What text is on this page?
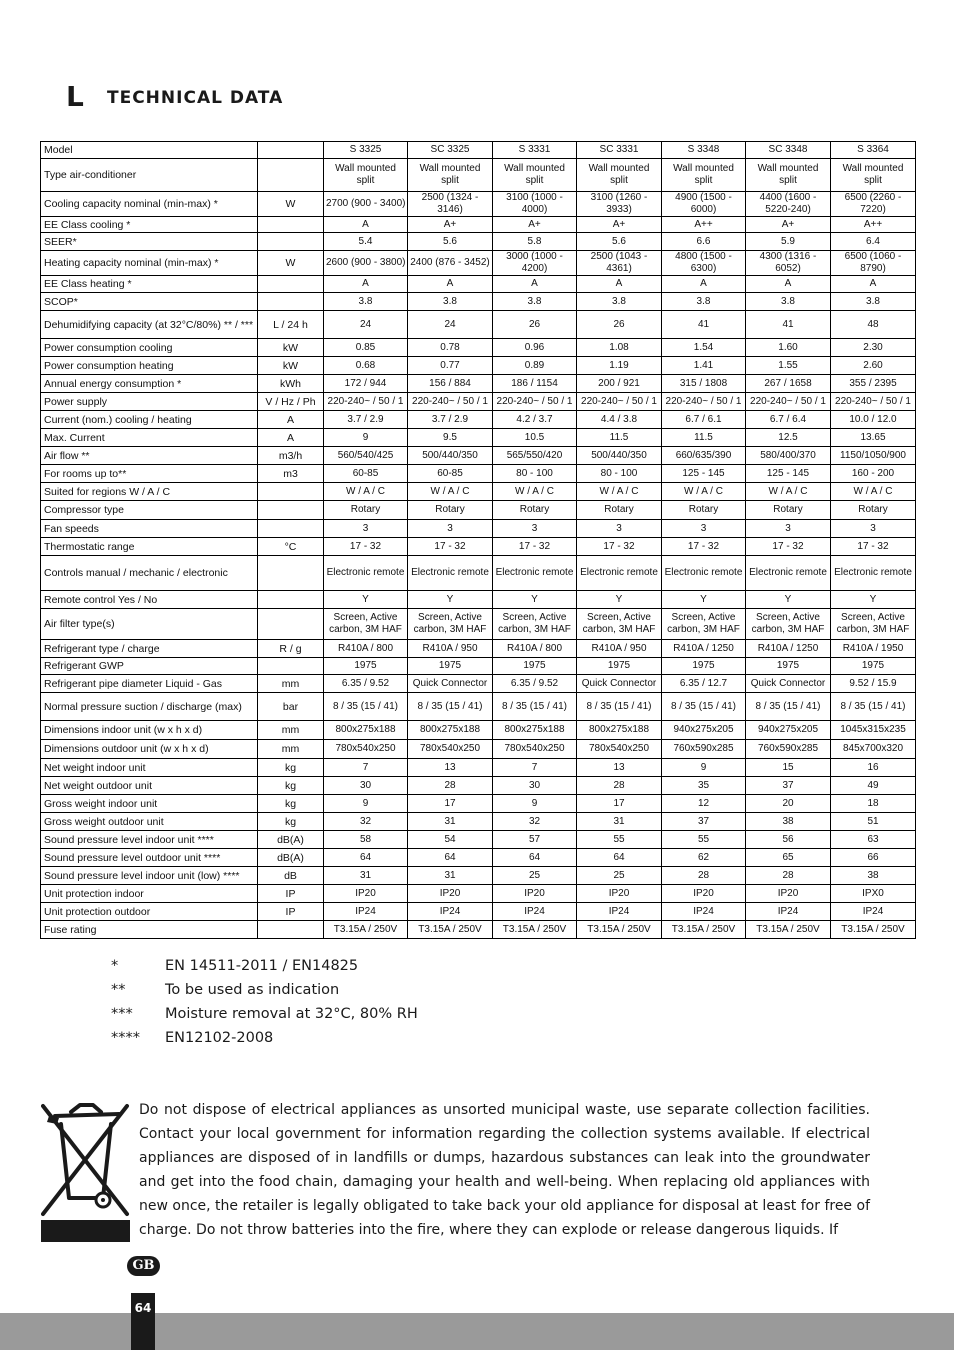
L TECHNICAL DATA
Model		S 3325	SC 3325	S 3331	SC 3331	S 3348	SC 3348	S 3364
Type air-conditioner		Wall mounted split	Wall mounted split	Wall mounted split	Wall mounted split	Wall mounted split	Wall mounted split	Wall mounted split
Cooling capacity nominal (min-max) *	W	2700 (900 - 3400)	2500 (1324 - 3146)	3100 (1000 - 4000)	3100 (1260 - 3933)	4900 (1500 - 6000)	4400 (1600 - 5220-240)	6500 (2260 - 7220)
EE Class cooling *		A	A+	A+	A+	A++	A+	A++
SEER*		5.4	5.6	5.8	5.6	6.6	5.9	6.4
Heating capacity nominal (min-max) *	W	2600 (900 - 3800)	2400 (876 - 3452)	3000 (1000 - 4200)	2500 (1043 - 4361)	4800 (1500 - 6300)	4300 (1316 - 6052)	6500 (1060 - 8790)
EE Class heating *		A	A	A	A	A	A	A
SCOP*		3.8	3.8	3.8	3.8	3.8	3.8	3.8
Dehumidifying capacity (at 32°C/80%) ** / ***	L / 24 h	24	24	26	26	41	41	48
Power consumption cooling	kW	0.85	0.78	0.96	1.08	1.54	1.60	2.30
Power consumption heating	kW	0.68	0.77	0.89	1.19	1.41	1.55	2.60
Annual energy consumption *	kWh	172 / 944	156 / 884	186 / 1154	200 / 921	315 / 1808	267 / 1658	355 / 2395
Power supply	V / Hz / Ph	220-240~ / 50 / 1	220-240~ / 50 / 1	220-240~ / 50 / 1	220-240~ / 50 / 1	220-240~ / 50 / 1	220-240~ / 50 / 1	220-240~ / 50 / 1
Current (nom.) cooling / heating	A	3.7 / 2.9	3.7 / 2.9	4.2 / 3.7	4.4 / 3.8	6.7 / 6.1	6.7 / 6.4	10.0 / 12.0
Max. Current	A	9	9.5	10.5	11.5	11.5	12.5	13.65
Air flow **	m3/h	560/540/425	500/440/350	565/550/420	500/440/350	660/635/390	580/400/370	1150/1050/900
For rooms up to**	m3	60-85	60-85	80 - 100	80 - 100	125 - 145	125 - 145	160 - 200
Suited for regions W / A / C		W / A / C	W / A / C	W / A / C	W / A / C	W / A / C	W / A / C	W / A / C
Compressor type		Rotary	Rotary	Rotary	Rotary	Rotary	Rotary	Rotary
Fan speeds		3	3	3	3	3	3	3
Thermostatic range	°C	17 - 32	17 - 32	17 - 32	17 - 32	17 - 32	17 - 32	17 - 32
Controls manual / mechanic / electronic		Electronic remote	Electronic remote	Electronic remote	Electronic remote	Electronic remote	Electronic remote	Electronic remote
Remote control Yes / No		Y	Y	Y	Y	Y	Y	Y
Air filter type(s)		Screen, Active carbon, 3M HAF	Screen, Active carbon, 3M HAF	Screen, Active carbon, 3M HAF	Screen, Active carbon, 3M HAF	Screen, Active carbon, 3M HAF	Screen, Active carbon, 3M HAF	Screen, Active carbon, 3M HAF
Refrigerant type / charge	R / g	R410A / 800	R410A / 950	R410A / 800	R410A / 950	R410A / 1250	R410A / 1250	R410A / 1950
Refrigerant GWP		1975	1975	1975	1975	1975	1975	1975
Refrigerant pipe diameter Liquid - Gas	mm	6.35 / 9.52	Quick Connector	6.35 / 9.52	Quick Connector	6.35 / 12.7	Quick Connector	9.52 / 15.9
Normal pressure suction / discharge (max)	bar	8 / 35 (15 / 41)	8 / 35 (15 / 41)	8 / 35 (15 / 41)	8 / 35 (15 / 41)	8 / 35 (15 / 41)	8 / 35 (15 / 41)	8 / 35 (15 / 41)
Dimensions indoor unit (w x h x d)	mm	800x275x188	800x275x188	800x275x188	800x275x188	940x275x205	940x275x205	1045x315x235
Dimensions outdoor unit (w x h x d)	mm	780x540x250	780x540x250	780x540x250	780x540x250	760x590x285	760x590x285	845x700x320
Net weight indoor unit	kg	7	13	7	13	9	15	16
Net weight outdoor unit	kg	30	28	30	28	35	37	49
Gross weight indoor unit	kg	9	17	9	17	12	20	18
Gross weight outdoor unit	kg	32	31	32	31	37	38	51
Sound pressure level indoor unit ****	dB(A)	58	54	57	55	55	56	63
Sound pressure level outdoor unit ****	dB(A)	64	64	64	64	62	65	66
Sound pressure level indoor unit (low) ****	dB	31	31	25	25	28	28	38
Unit protection indoor	IP	IP20	IP20	IP20	IP20	IP20	IP20	IPX0
Unit protection outdoor	IP	IP24	IP24	IP24	IP24	IP24	IP24	IP24
Fuse rating		T3.15A / 250V	T3.15A / 250V	T3.15A / 250V	T3.15A / 250V	T3.15A / 250V	T3.15A / 250V	T3.15A / 250V
*	EN 14511-2011 / EN14825
**	To be used as indication
*** Moisture removal at 32°C, 80% RH
**** EN12102-2008
Do not dispose of electrical appliances as unsorted municipal waste, use separate collection facilities. Contact your local government for information regarding the collection systems available. If electrical appliances are disposed of in landfills or dumps, hazardous substances can leak into the groundwater and get into the food chain, damaging your health and well-being. When replacing old appliances with new once, the retailer is legally obligated to take back your old appliance for disposal at least for free of charge. Do not throw batteries into the fire, where they can explode or release dangerous liquids. If
GB
64
